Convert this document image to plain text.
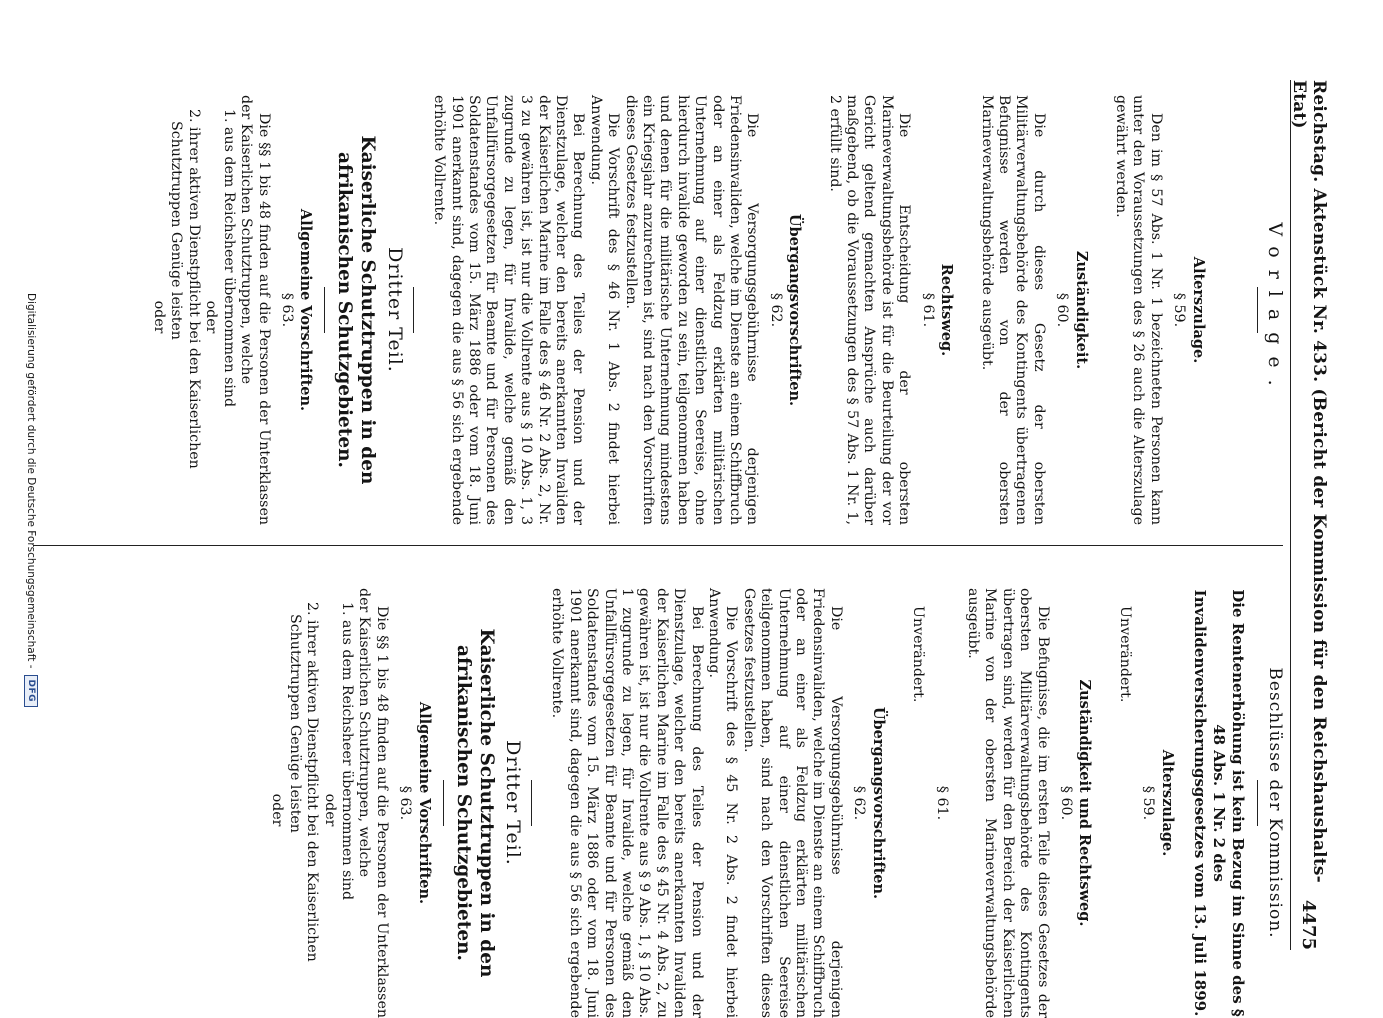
Reichstag. Aktenstück Nr. 433. (Bericht der Kommission für den Reichshaushalts-Etat)
4475
Vorlage.
Alterszulage.
§ 59.

Den im § 57 Abs. 1 Nr. 1 bezeichneten Personen kann unter den Voraussetzungen des § 26 auch die Alterszulage gewährt werden.

Zuständigkeit.
§ 60.

Die durch dieses Gesetz der obersten Militärverwaltungsbehörde des Kontingents übertragenen Befugnisse werden von der obersten Marineverwaltungsbehörde ausgeübt.

Rechtsweg.
§ 61.

Die Entscheidung der obersten Marineverwaltungsbehörde ist für die Beurteilung der vor Gericht geltend gemachten Ansprüche auch darüber maßgebend, ob die Voraussetzungen des § 57 Abs. 1 Nr. 1, 2 erfüllt sind.

Übergangsvorschriften.
§ 62.

Die Versorgungsgebührnisse derjenigen Friedensinvaliden, welche im Dienste an einem Schiffbruch oder an einer als Feldzug erklärten militärischen Unternehmung auf einer dienstlichen Seereise, ohne hierdurch invalide geworden zu sein, teilgenommen haben und denen für die militärische Unternehmung mindestens ein Kriegsjahr anzurechnen ist, sind nach den Vorschriften dieses Gesetzes festzustellen.

Die Vorschrift des § 46 Nr. 1 Abs. 2 findet hierbei Anwendung.

Bei Berechnung des Teiles der Pension und der Dienstzulage, welcher den bereits anerkannten Invaliden der Kaiserlichen Marine im Falle des § 46 Nr. 2 Abs. 2, Nr. 3 zu gewähren ist, ist nur die Vollrente aus § 10 Abs. 1, 3 zugrunde zu legen, für Invalide, welche gemäß den Unfallfürsorgegesetzen für Beamte und für Personen des Soldatenstandes vom 15. März 1886 oder vom 18. Juni 1901 anerkannt sind, dagegen die aus § 56 sich ergebende erhöhte Vollrente.

Dritter Teil.
Kaiserliche Schutztruppen in den afrikanischen Schutzgebieten.
Allgemeine Vorschriften.
§ 63.

Die §§ 1 bis 48 finden auf die Personen der Unterklassen der Kaiserlichen Schutztruppen, welche

1. aus dem Reichsheer übernommen sind
oder
2. ihrer aktiven Dienstpflicht bei den Kaiserlichen Schutztruppen Genüge leisten
oder
Beschlüsse der Kommission.
Die Rentenerhöhung ist kein Bezug im Sinne des § 48 Abs. 1 Nr. 2 des Invalidenversicherungsgesetzes vom 13. Juli 1899.
Alterszulage.
§ 59.

Unverändert.

Zuständigkeit und Rechtsweg.
§ 60.

Die Befugnisse, die im ersten Teile dieses Gesetzes der obersten Militärverwaltungsbehörde des Kontingents übertragen sind, werden für den Bereich der Kaiserlichen Marine von der obersten Marineverwaltungsbehörde ausgeübt.

§ 61.

Unverändert.

Übergangsvorschriften.
§ 62.

Die Versorgungsgebührnisse derjenigen Friedensinvaliden, welche im Dienste an einem Schiffbruch oder an einer als Feldzug erklärten militärischen Unternehmung auf einer dienstlichen Seereise teilgenommen haben, sind nach den Vorschriften dieses Gesetzes festzustellen.

Die Vorschrift des § 45 Nr. 2 Abs. 2 findet hierbei Anwendung.

Bei Berechnung des Teiles der Pension und der Dienstzulage, welcher den bereits anerkannten Invaliden der Kaiserlichen Marine im Falle des § 45 Nr. 4 Abs. 2, zu gewähren ist, ist nur die Vollrente aus § 9 Abs. 1, § 10 Abs. 1 zugrunde zu legen, für Invalide, welche gemäß den Unfallfürsorgegesetzen für Beamte und für Personen des Soldatenstandes vom 15. März 1886 oder vom 18. Juni 1901 anerkannt sind, dagegen die aus § 56 sich ergebende erhöhte Vollrente.

Dritter Teil.
Kaiserliche Schutztruppen in den afrikanischen Schutzgebieten.
Allgemeine Vorschriften.
§ 63.

Die §§ 1 bis 48 finden auf die Personen der Unterklassen der Kaiserlichen Schutztruppen, welche

1. aus dem Reichsheer übernommen sind
oder
2. ihrer aktiven Dienstpflicht bei den Kaiserlichen Schutztruppen Genüge leisten
oder
Digitalisierung gefördert durch die Deutsche Forschungsgemeinschaft -
DFG
